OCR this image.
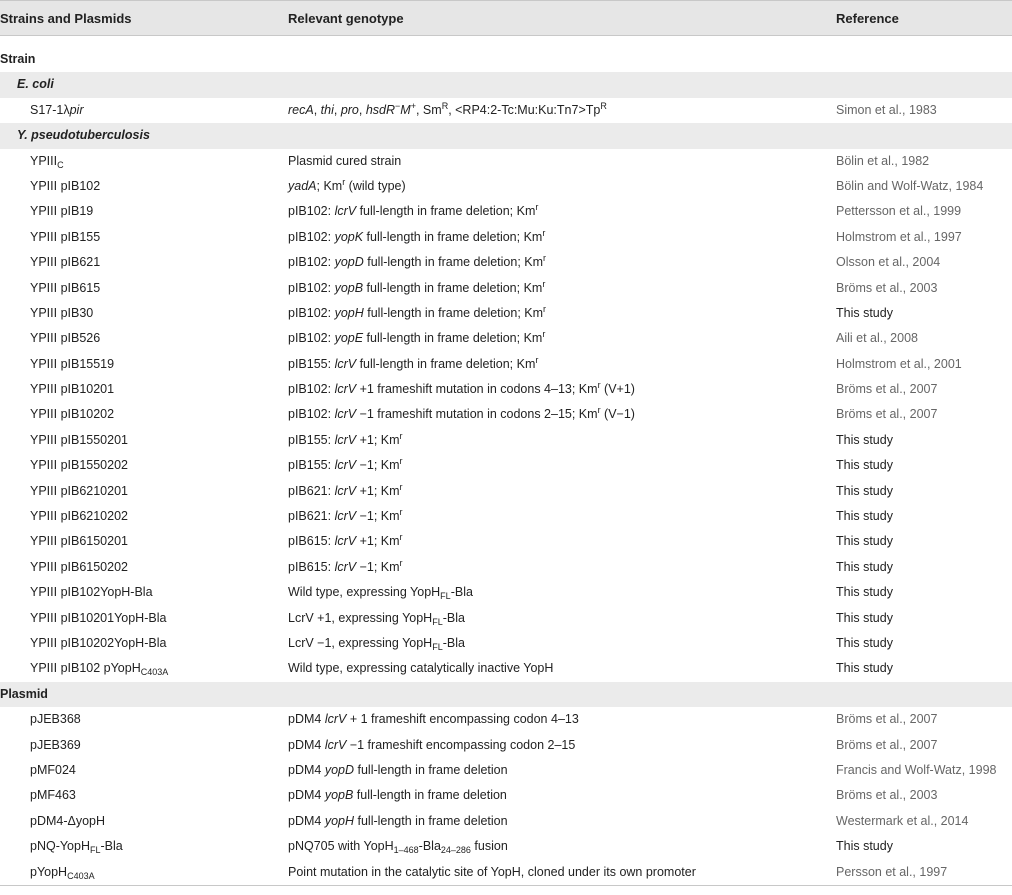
Strains and Plasmids	Relevant genotype	Reference
Strain
E. coli
S17-1λpir	recA, thi, pro, hsdR−M+, $Sm^R$, $<RP4:2-Tc:Mu:Ku:Tn7>Tp^R$	Simon et al., 1983
Y. pseudotuberculosis
$YPIII_C$	Plasmid cured strain	Bölin et al., 1982
YPIII pIB102	yadA; Km$^r$ (wild type)	Bölin and Wolf-Watz, 1984
YPIII pIB19	pIB102: lcrV full-length in frame deletion; Km$^r$	Pettersson et al., 1999
YPIII pIB155	pIB102: yopK full-length in frame deletion; Km$^r$	Holmstrom et al., 1997
YPIII pIB621	pIB102: yopD full-length in frame deletion; Km$^r$	Olsson et al., 2004
YPIII pIB615	pIB102: yopB full-length in frame deletion; Km$^r$	Bröms et al., 2003
YPIII pIB30	pIB102: yopH full-length in frame deletion; Km$^r$	This study
YPIII pIB526	pIB102: yopE full-length in frame deletion; Km$^r$	Aili et al., 2008
YPIII pIB15519	pIB155: lcrV full-length in frame deletion; Km$^r$	Holmstrom et al., 2001
YPIII pIB10201	pIB102: lcrV +1 frameshift mutation in codons 4–13; Km$^r$ (V+1)	Bröms et al., 2007
YPIII pIB10202	pIB102: lcrV −1 frameshift mutation in codons 2–15; Km$^r$ (V−1)	Bröms et al., 2007
YPIII pIB1550201	pIB155: lcrV +1; Km$^r$	This study
YPIII pIB1550202	pIB155: lcrV −1; Km$^r$	This study
YPIII pIB6210201	pIB621: lcrV +1; Km$^r$	This study
YPIII pIB6210202	pIB621: lcrV −1; Km$^r$	This study
YPIII pIB6150201	pIB615: lcrV +1; Km$^r$	This study
YPIII pIB6150202	pIB615: lcrV −1; Km$^r$	This study
YPIII pIB102YopH-Bla	Wild type, expressing YopH$_{FL}$-Bla	This study
YPIII pIB10201YopH-Bla	LcrV +1, expressing YopH$_{FL}$-Bla	This study
YPIII pIB10202YopH-Bla	LcrV −1, expressing YopH$_{FL}$-Bla	This study
YPIII pIB102 pYopH$_{C403A}$	Wild type, expressing catalytically inactive YopH	This study
Plasmid
pJEB368	pDM4 lcrV + 1 frameshift encompassing codon 4–13	Bröms et al., 2007
pJEB369	pDM4 lcrV −1 frameshift encompassing codon 2–15	Bröms et al., 2007
pMF024	pDM4 yopD full-length in frame deletion	Francis and Wolf-Watz, 1998
pMF463	pDM4 yopB full-length in frame deletion	Bröms et al., 2003
pDM4-ΔyopH	pDM4 yopH full-length in frame deletion	Westermark et al., 2014
pNQ-YopH$_{FL}$-Bla	pNQ705 with YopH$_{1-468}$-Bla$_{24-286}$ fusion	This study
pYopH$_{C403A}$	Point mutation in the catalytic site of YopH, cloned under its own promoter	Persson et al., 1997
